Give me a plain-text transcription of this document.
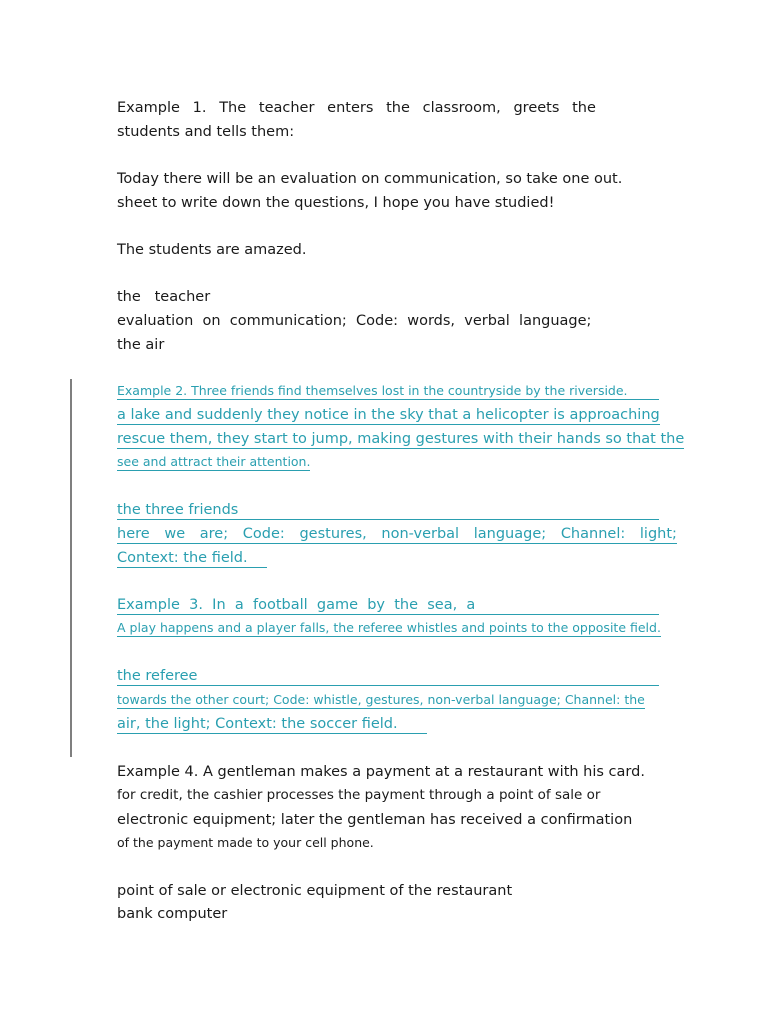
Example 1. The teacher enters the classroom, greets the
students and tells them:
Today there will be an evaluation on communication, so take one out.
sheet to write down the questions, I hope you have studied!
The students are amazed.
the   teacher
evaluation  on  communication;  Code:  words,  verbal  language;
the air
Example 2. Three friends find themselves lost in the countryside by the riverside.
a lake and suddenly they notice in the sky that a helicopter is approaching
rescue them, they start to jump, making gestures with their hands so that the
see and attract their attention.
the three friends
here we are; Code: gestures, non-verbal language; Channel: light;
Context: the field.
Example  3.  In  a  football  game  by  the  sea,  a
A play happens and a player falls, the referee whistles and points to the opposite field.
the referee
towards the other court; Code: whistle, gestures, non-verbal language; Channel: the
air, the light; Context: the soccer field.
Example 4. A gentleman makes a payment at a restaurant with his card.
for credit, the cashier processes the payment through a point of sale or
electronic equipment; later the gentleman has received a confirmation
of the payment made to your cell phone.
point of sale or electronic equipment of the restaurant
bank computer
